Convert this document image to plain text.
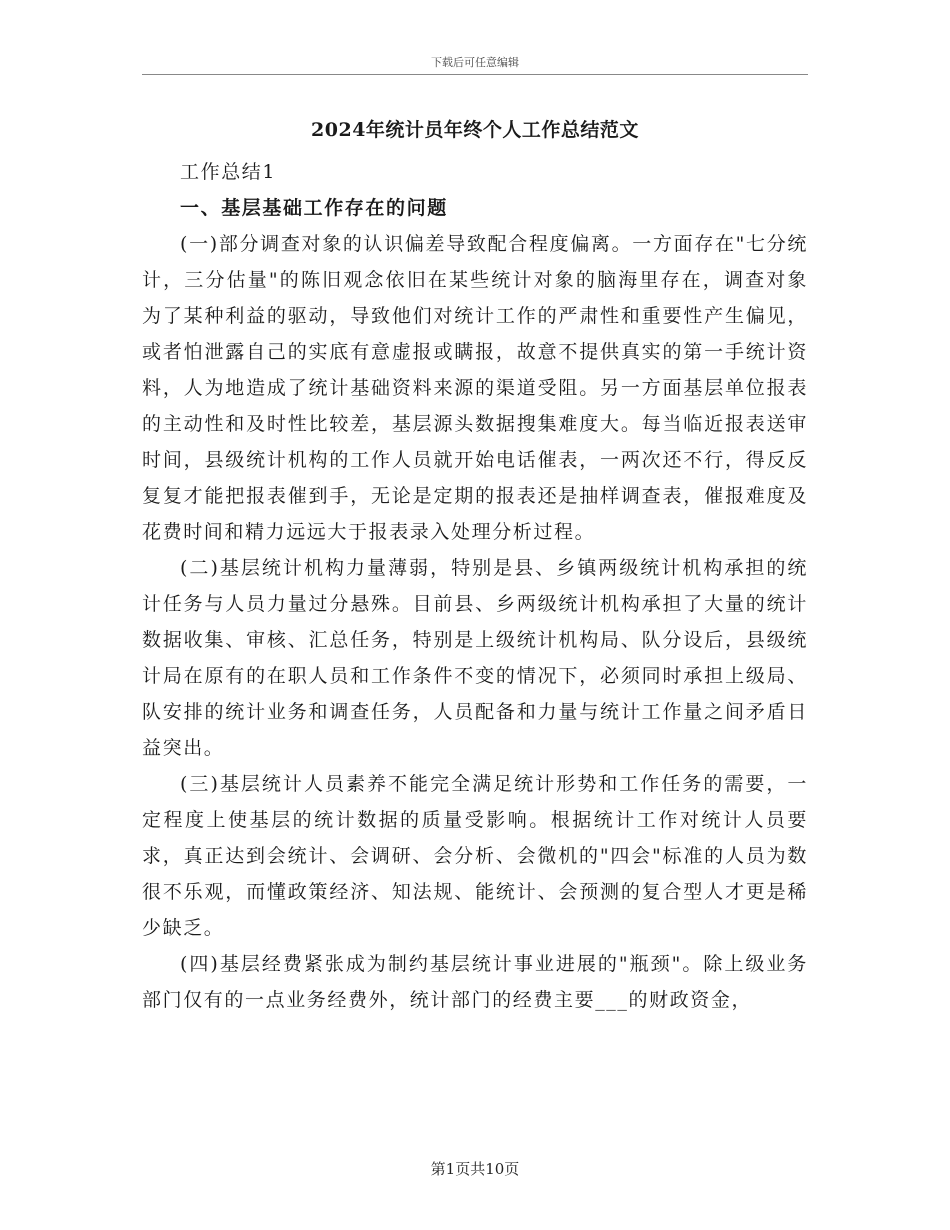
下载后可任意编辑
2024年统计员年终个人工作总结范文
工作总结1
一、基层基础工作存在的问题

(一)部分调查对象的认识偏差导致配合程度偏离。一方面存在"七分统计，三分估量"的陈旧观念依旧在某些统计对象的脑海里存在，调查对象为了某种利益的驱动，导致他们对统计工作的严肃性和重要性产生偏见，或者怕泄露自己的实底有意虚报或瞒报，故意不提供真实的第一手统计资料，人为地造成了统计基础资料来源的渠道受阻。另一方面基层单位报表的主动性和及时性比较差，基层源头数据搜集难度大。每当临近报表送审时间，县级统计机构的工作人员就开始电话催表，一两次还不行，得反反复复才能把报表催到手，无论是定期的报表还是抽样调查表，催报难度及花费时间和精力远远大于报表录入处理分析过程。

(二)基层统计机构力量薄弱，特别是县、乡镇两级统计机构承担的统计任务与人员力量过分悬殊。目前县、乡两级统计机构承担了大量的统计数据收集、审核、汇总任务，特别是上级统计机构局、队分设后，县级统计局在原有的在职人员和工作条件不变的情况下，必须同时承担上级局、队安排的统计业务和调查任务，人员配备和力量与统计工作量之间矛盾日益突出。

(三)基层统计人员素养不能完全满足统计形势和工作任务的需要，一定程度上使基层的统计数据的质量受影响。根据统计工作对统计人员要求，真正达到会统计、会调研、会分析、会微机的"四会"标准的人员为数很不乐观，而懂政策经济、知法规、能统计、会预测的复合型人才更是稀少缺乏。

(四)基层经费紧张成为制约基层统计事业进展的"瓶颈"。除上级业务部门仅有的一点业务经费外，统计部门的经费主要___的财政资金，

第1页共10页
